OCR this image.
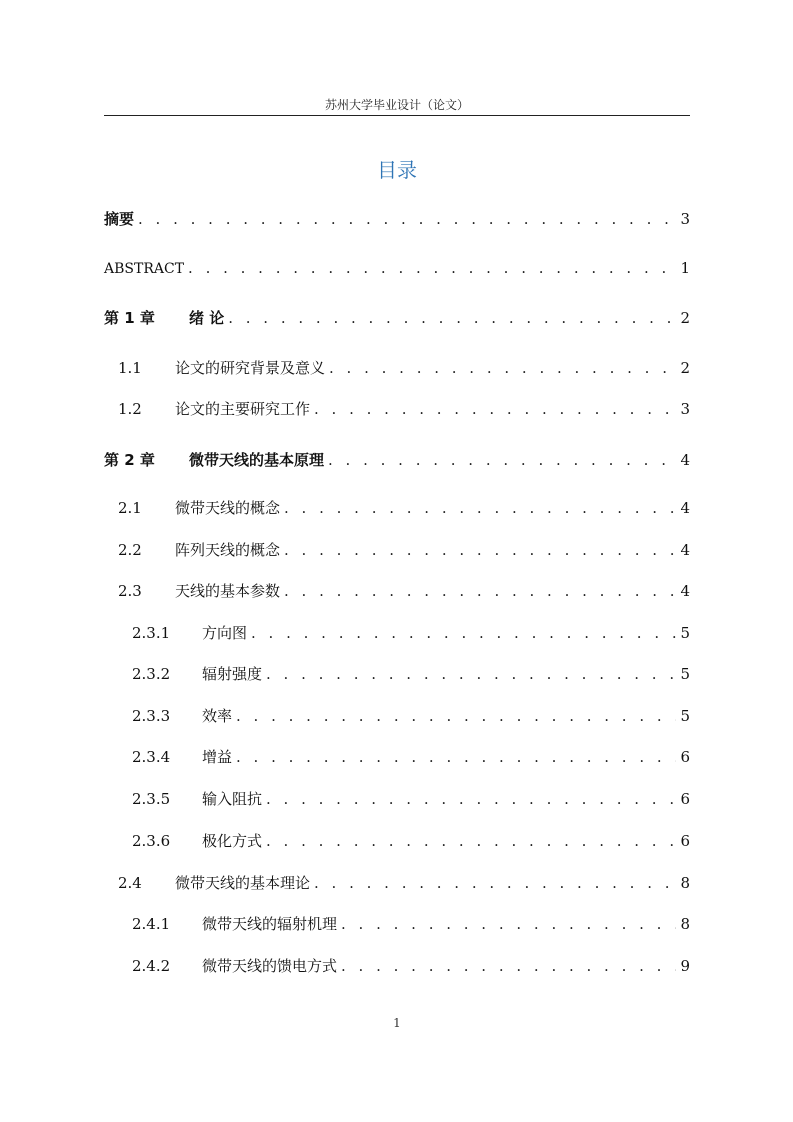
苏州大学毕业设计（论文）
目录
摘要 . . .	3
ABSTRACT . . .	1
第 1 章	绪 论 . . .	2
1.1	论文的研究背景及意义 . . .	2
1.2	论文的主要研究工作 . . .	3
第 2 章	微带天线的基本原理 . . .	4
2.1	微带天线的概念 . . .	4
2.2	阵列天线的概念 . . .	4
2.3	天线的基本参数 . . .	4
2.3.1	方向图 . . .	5
2.3.2	辐射强度 . . .	5
2.3.3	效率 . . .	5
2.3.4	增益 . . .	6
2.3.5	输入阻抗 . . .	6
2.3.6	极化方式 . . .	6
2.4	微带天线的基本理论 . . .	8
2.4.1	微带天线的辐射机理 . . .	8
2.4.2	微带天线的馈电方式 . . .	9
1
